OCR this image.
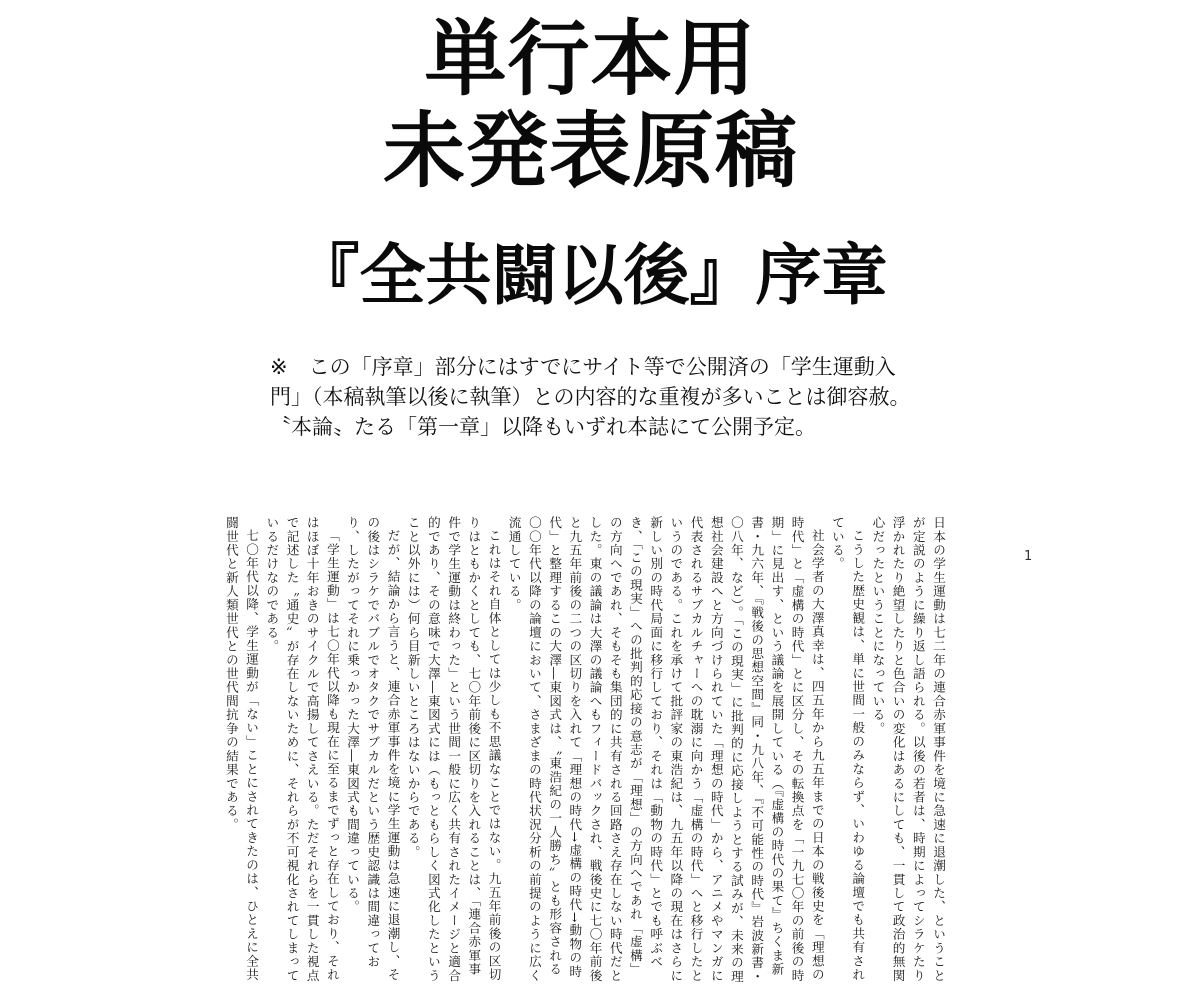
単行本用
未発表原稿
『全共闘以後』序章
※　この「序章」部分にはすでにサイト等で公開済の「学生運動入
門」（本稿執筆以後に執筆）との内容的な重複が多いことは御容赦。
〝本論〟たる「第一章」以降もいずれ本誌にて公開予定。
1

日本の学生運動は七二年の連合赤軍事件を境に急速に退潮した、ということが定説のように繰り返し語られる。以後の若者は、時期によってシラケたり浮かれたり絶望したりと色合いの変化はあるにしても、一貫して政治的無関心だったということになっている。

こうした歴史観は、単に世間一般のみならず、いわゆる論壇でも共有されている。

社会学者の大澤真幸は、四五年から九五年までの日本の戦後史を「理想の時代」と「虚構の時代」とに区分し、その転換点を「一九七〇年の前後の時期」に見出す、という議論を展開している（『虚構の時代の果て』ちくま新書・九六年、『戦後の思想空間』同・九八年、『不可能性の時代』岩波新書・〇八年、など）。「この現実」に批判的に応接しようとする試みが、未来の理想社会建設へと方向づけられていた「理想の時代」から、アニメやマンガに代表されるサブカルチャーへの耽溺に向かう「虚構の時代」へと移行したというのである。これを承けて批評家の東浩紀は、九五年以降の現在はさらに新しい別の時代局面に移行しており、それは「動物の時代」とでも呼ぶべき、「この現実」への批判的応接の意志が「理想」の方向へであれ「虚構」の方向へであれ、そもそも集団的に共有される回路さえ存在しない時代だとした。東の議論は大澤の議論へもフィードバックされ、戦後史に七〇年前後と九五年前後の二つの区切りを入れて「理想の時代→虚構の時代→動物の時代」と整理するこの大澤―東図式は、〝東浩紀の一人勝ち〟とも形容される〇〇年代以降の論壇において、さまざまの時代状況分析の前提のように広く流通している。

これはそれ自体としては少しも不思議なことではない。九五年前後の区切りはともかくとしても、七〇年前後に区切りを入れることは、「連合赤軍事件で学生運動は終わった」という世間一般に広く共有されたイメージと適合的であり、その意味で大澤―東図式には（もっともらしく図式化したということ以外には）何ら目新しいところはないからである。

だが、結論から言うと、連合赤軍事件を境に学生運動は急速に退潮し、その後はシラケでバブルでオタクでサブカルだという歴史認識は間違っており、したがってそれに乗っかった大澤―東図式も間違っている。

「学生運動」は七〇年代以降も現在に至るまでずっと存在しており、それはほぼ十年おきのサイクルで高揚してさえいる。ただそれらを一貫した視点で記述した〝通史〟が存在しないために、それらが不可視化されてしまっているだけなのである。

七〇年代以降、学生運動が「ない」ことにされてきたのは、ひとえに全共闘世代と新人類世代との世代間抗争の結果である。
